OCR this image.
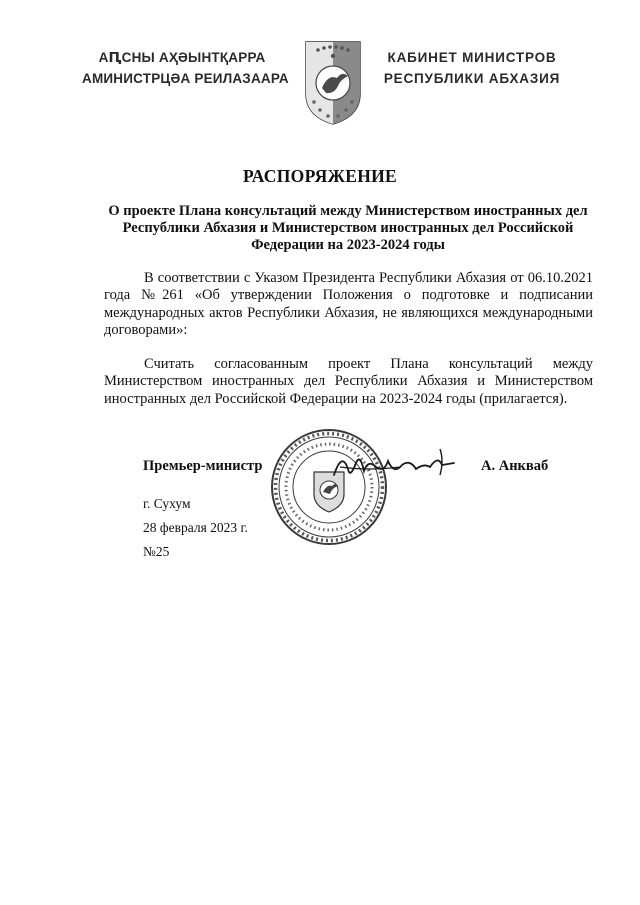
АԤСНЫ АҲӘЫНТҚАРРА
АМИНИСТРЦӘА РЕИЛАЗААРА
КАБИНЕТ МИНИСТРОВ
РЕСПУБЛИКИ АБХАЗИЯ
РАСПОРЯЖЕНИЕ
О проекте Плана консультаций между Министерством иностранных дел Республики Абхазия и Министерством иностранных дел Российской Федерации на 2023-2024 годы

В соответствии с Указом Президента Республики Абхазия от 06.10.2021 года №261 «Об утверждении Положения о подготовке и подписании международных актов Республики Абхазия, не являющихся международными договорами»:

Считать согласованным проект Плана консультаций между Министерством иностранных дел Республики Абхазия и Министерством иностранных дел Российской Федерации на 2023-2024 годы (прилагается).

Премьер-министр	А. Анкваб
г. Сухум
28 февраля 2023 г.
№25
